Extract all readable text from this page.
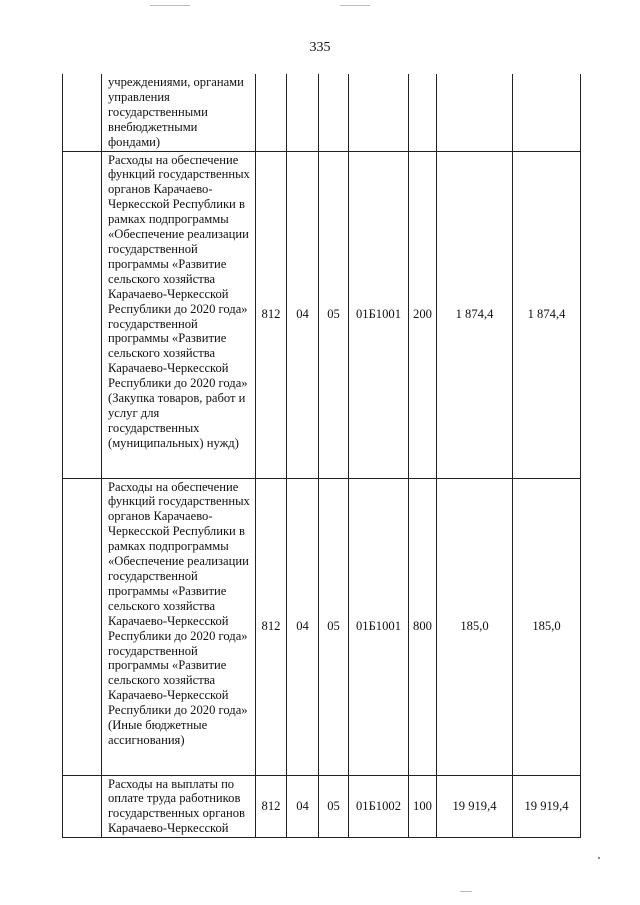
335

	учреждениями, органами управления государственными внебюджетными фондами)							

	Расходы на обеспечение функций государственных органов Карачаево-Черкесской Республики в рамках подпрограммы «Обеспечение реализации государственной программы «Развитие сельского хозяйства Карачаево-Черкесской Республики до 2020 года» государственной программы «Развитие сельского хозяйства Карачаево-Черкесской Республики до 2020 года» (Закупка товаров, работ и услуг для государственных (муниципальных) нужд)	812	04	05	01Б1001	200	1 874,4	1 874,4

	Расходы на обеспечение функций государственных органов Карачаево-Черкесской Республики в рамках подпрограммы «Обеспечение реализации государственной программы «Развитие сельского хозяйства Карачаево-Черкесской Республики до 2020 года» государственной программы «Развитие сельского хозяйства Карачаево-Черкесской Республики до 2020 года» (Иные бюджетные ассигнования)	812	04	05	01Б1001	800	185,0	185,0

	Расходы на выплаты по оплате труда работников государственных органов Карачаево-Черкесской	812	04	05	01Б1002	100	19 919,4	19 919,4
